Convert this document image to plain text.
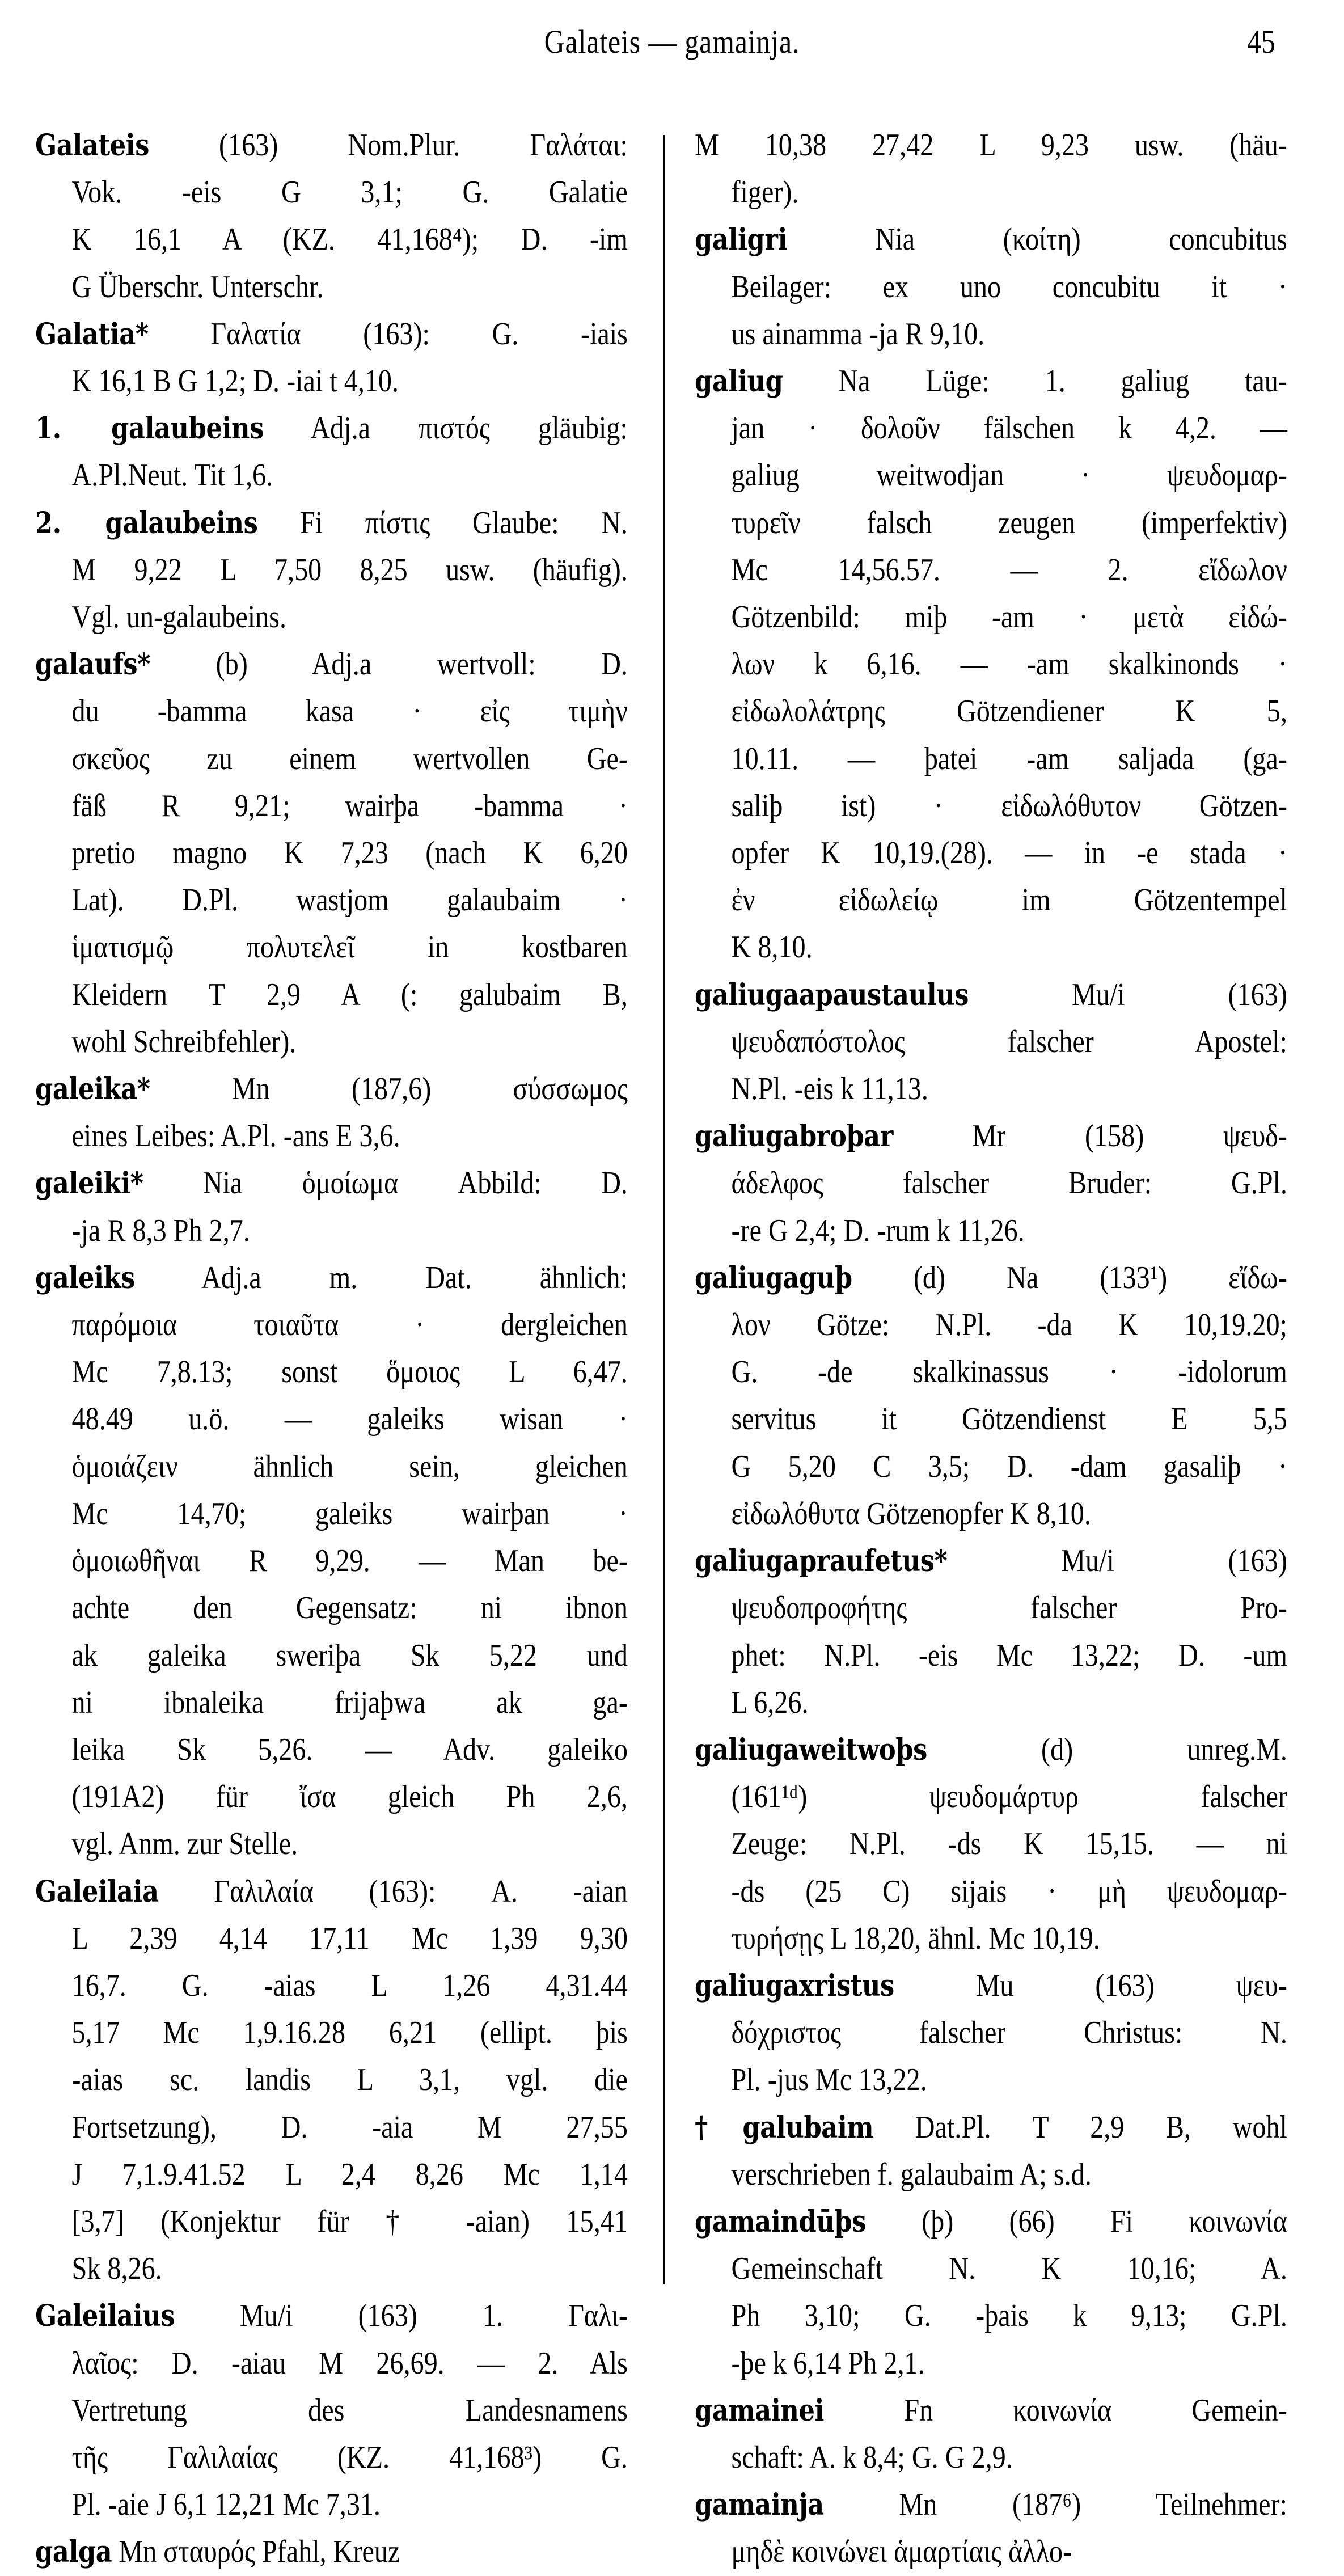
Galateis — gamainja.	45
Galateis (163) Nom.Plur. Γαλάται:
Vok. -eis G 3,1; G. Galatie
K 16,1 A (KZ. 41,168⁴); D. -im
G Überschr. Unterschr.
Galatia* Γαλατία (163): G. -iais
K 16,1 B G 1,2; D. -iai t 4,10.
1. galaubeins Adj.a πιστός gläubig:
A.Pl.Neut. Tit 1,6.
2. galaubeins Fi πίστις Glaube: N.
M 9,22 L 7,50 8,25 usw. (häufig).
Vgl. un-galaubeins.
galaufs* (b) Adj.a wertvoll: D.
du -bamma kasa · εἰς τιμὴν
σκεῦος zu einem wertvollen Ge-
fäß R 9,21; wairþa -bamma ·
pretio magno K 7,23 (nach K 6,20
Lat). D.Pl. wastjom galaubaim ·
ἱματισμῷ πολυτελεῖ in kostbaren
Kleidern T 2,9 A (: galubaim B,
wohl Schreibfehler).
galeika* Mn (187,6) σύσσωμος
eines Leibes: A.Pl. -ans E 3,6.
galeiki* Nia ὁμοίωμα Abbild: D.
-ja R 8,3 Ph 2,7.
galeiks Adj.a m. Dat. ähnlich:
παρόμοια τοιαῦτα · dergleichen
Mc 7,8.13; sonst ὅμοιος L 6,47.
48.49 u.ö. — galeiks wisan ·
ὁμοιάζειν ähnlich sein, gleichen
Mc 14,70; galeiks wairþan ·
ὁμοιωθῆναι R 9,29. — Man be-
achte den Gegensatz: ni ibnon
ak galeika sweriþa Sk 5,22 und
ni ibnaleika frijaþwa ak ga-
leika Sk 5,26. — Adv. galeiko
(191A2) für ἴσα gleich Ph 2,6,
vgl. Anm. zur Stelle.
Galeilaia Γαλιλαία (163): A. -aian
L 2,39 4,14 17,11 Mc 1,39 9,30
16,7. G. -aias L 1,26 4,31.44
5,17 Mc 1,9.16.28 6,21 (ellipt. þis
-aias sc. landis L 3,1, vgl. die
Fortsetzung), D. -aia M 27,55
J 7,1.9.41.52 L 2,4 8,26 Mc 1,14
[3,7] (Konjektur für † -aian) 15,41
Sk 8,26.
Galeilaius Mu/i (163) 1. Γαλι-
λαῖος: D. -aiau M 26,69. — 2. Als
Vertretung des Landesnamens
τῆς Γαλιλαίας (KZ. 41,168³) G.
Pl. -aie J 6,1 12,21 Mc 7,31.
galga Mn σταυρός Pfahl, Kreuz
M 10,38 27,42 L 9,23 usw. (häu-
figer).
galigri Nia (κοίτη) concubitus
Beilager: ex uno concubitu it ·
us ainamma -ja R 9,10.
galiug Na Lüge: 1. galiug tau-
jan · δολοῦν fälschen k 4,2. —
galiug weitwodjan · ψευδομαρ-
τυρεῖν falsch zeugen (imperfektiv)
Mc 14,56.57. — 2. εἴδωλον
Götzenbild: miþ -am · μετὰ εἰδώ-
λων k 6,16. — -am skalkinonds ·
εἰδωλολάτρης Götzendiener K 5,
10.11. — þatei -am saljada (ga-
saliþ ist) · εἰδωλόθυτον Götzen-
opfer K 10,19.(28). — in -e stada ·
ἐν εἰδωλείῳ im Götzentempel
K 8,10.
galiugaapaustaulus Mu/i (163)
ψευδαπόστολος falscher Apostel:
N.Pl. -eis k 11,13.
galiugabroþar Mr (158) ψευδ-
άδελφος falscher Bruder: G.Pl.
-re G 2,4; D. -rum k 11,26.
galiugaguþ (d) Na (133¹) εἴδω-
λον Götze: N.Pl. -da K 10,19.20;
G. -de skalkinassus · -idolorum
servitus it Götzendienst E 5,5
G 5,20 C 3,5; D. -dam gasaliþ ·
εἰδωλόθυτα Götzenopfer K 8,10.
galiugapraufetus* Mu/i (163)
ψευδοπροφήτης falscher Pro-
phet: N.Pl. -eis Mc 13,22; D. -um
L 6,26.
galiugaweitwoþs (d) unreg.M.
(161¹ᵈ) ψευδομάρτυρ falscher
Zeuge: N.Pl. -ds K 15,15. — ni
-ds (25 C) sijais · μὴ ψευδομαρ-
τυρήσῃς L 18,20, ähnl. Mc 10,19.
galiugaxristus Mu (163) ψευ-
δόχριστος falscher Christus: N.
Pl. -jus Mc 13,22.
†galubaim Dat.Pl. T 2,9 B, wohl
verschrieben f. galaubaim A; s.d.
gamaindūþs (þ) (66) Fi κοινωνία
Gemeinschaft N. K 10,16; A.
Ph 3,10; G. -þais k 9,13; G.Pl.
-þe k 6,14 Ph 2,1.
gamainei Fn κοινωνία Gemein-
schaft: A. k 8,4; G. G 2,9.
gamainja Mn (187⁶) Teilnehmer:
μηδὲ κοινώνει ἁμαρτίαις ἀλλο-
